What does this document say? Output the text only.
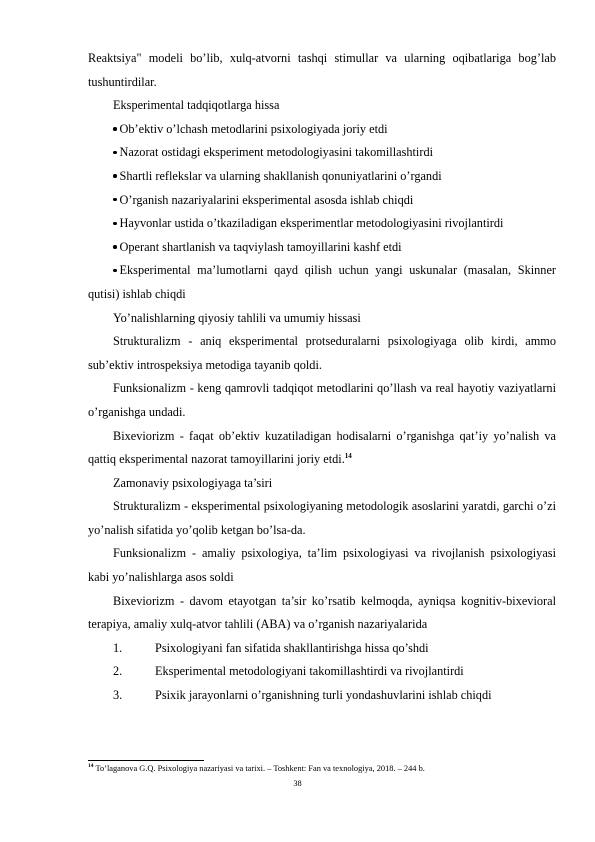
Reaktsiya" modeli bo’lib, xulq-atvorni tashqi stimullar va ularning oqibatlariga bog’lab tushuntirdilar.

Eksperimental tadqiqotlarga hissa

Ob’ektiv o’lchash metodlarini psixologiyada joriy etdi

Nazorat ostidagi eksperiment metodologiyasini takomillashtirdi

Shartli reflekslar va ularning shakllanish qonuniyatlarini o’rgandi

O’rganish nazariyalarini eksperimental asosda ishlab chiqdi

Hayvonlar ustida o’tkaziladigan eksperimentlar metodologiyasini rivojlantirdi

Operant shartlanish va taqviylash tamoyillarini kashf etdi

Eksperimental ma’lumotlarni qayd qilish uchun yangi uskunalar (masalan, Skinner qutisi) ishlab chiqdi

Yo’nalishlarning qiyosiy tahlili va umumiy hissasi

Strukturalizm - aniq eksperimental protseduralarni psixologiyaga olib kirdi, ammo sub’ektiv introspeksiya metodiga tayanib qoldi.

Funksionalizm - keng qamrovli tadqiqot metodlarini qo’llash va real hayotiy vaziyatlarni o’rganishga undadi.

Bixeviorizm - faqat ob’ektiv kuzatiladigan hodisalarni o’rganishga qat’iy yo’nalish va qattiq eksperimental nazorat tamoyillarini joriy etdi.$^{14}$

Zamonaviy psixologiyaga ta’siri

Strukturalizm - eksperimental psixologiyaning metodologik asoslarini yaratdi, garchi o’zi yo’nalish sifatida yo’qolib ketgan bo’lsa-da.

Funksionalizm - amaliy psixologiya, ta’lim psixologiyasi va rivojlanish psixologiyasi kabi yo’nalishlarga asos soldi

Bixeviorizm - davom etayotgan ta’sir ko’rsatib kelmoqda, ayniqsa kognitiv-bixevioral terapiya, amaliy xulq-atvor tahlili (ABA) va o’rganish nazariyalarida

1.	Psixologiyani fan sifatida shakllantirishga hissa qo’shdi

2.	Eksperimental metodologiyani takomillashtirdi va rivojlantirdi

3.	Psixik jarayonlarni o’rganishning turli yondashuvlarini ishlab chiqdi

$^{14}$ To’laganova G.Q. Psixologiya nazariyasi va tarixi. – Toshkent: Fan va texnologiya, 2018. – 244 b.
38
